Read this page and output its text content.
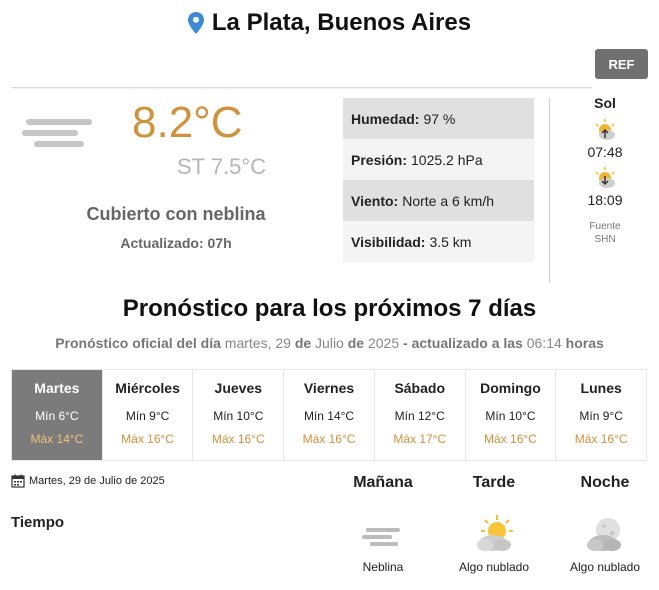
La Plata, Buenos Aires
REF
8.2°C
ST 7.5°C
Cubierto con neblina
Actualizado: 07h
Humedad: 97 %
Presión: 1025.2 hPa
Viento: Norte a 6 km/h
Visibilidad: 3.5 km
Sol
07:48
18:09
Fuente
SHN
Pronóstico para los próximos 7 días
Pronóstico oficial del día martes, 29 de Julio de 2025 - actualizado a las 06:14 horas
Martes
Mín 6°C
Máx 14°C
Miércoles
Mín 9°C
Máx 16°C
Jueves
Mín 10°C
Máx 16°C
Viernes
Mín 14°C
Máx 16°C
Sábado
Mín 12°C
Máx 17°C
Domingo
Mín 10°C
Máx 16°C
Lunes
Mín 9°C
Máx 16°C
Martes, 29 de Julio de 2025	Mañana	Tarde	Noche
Tiempo
Neblina	Algo nublado	Algo nublado
